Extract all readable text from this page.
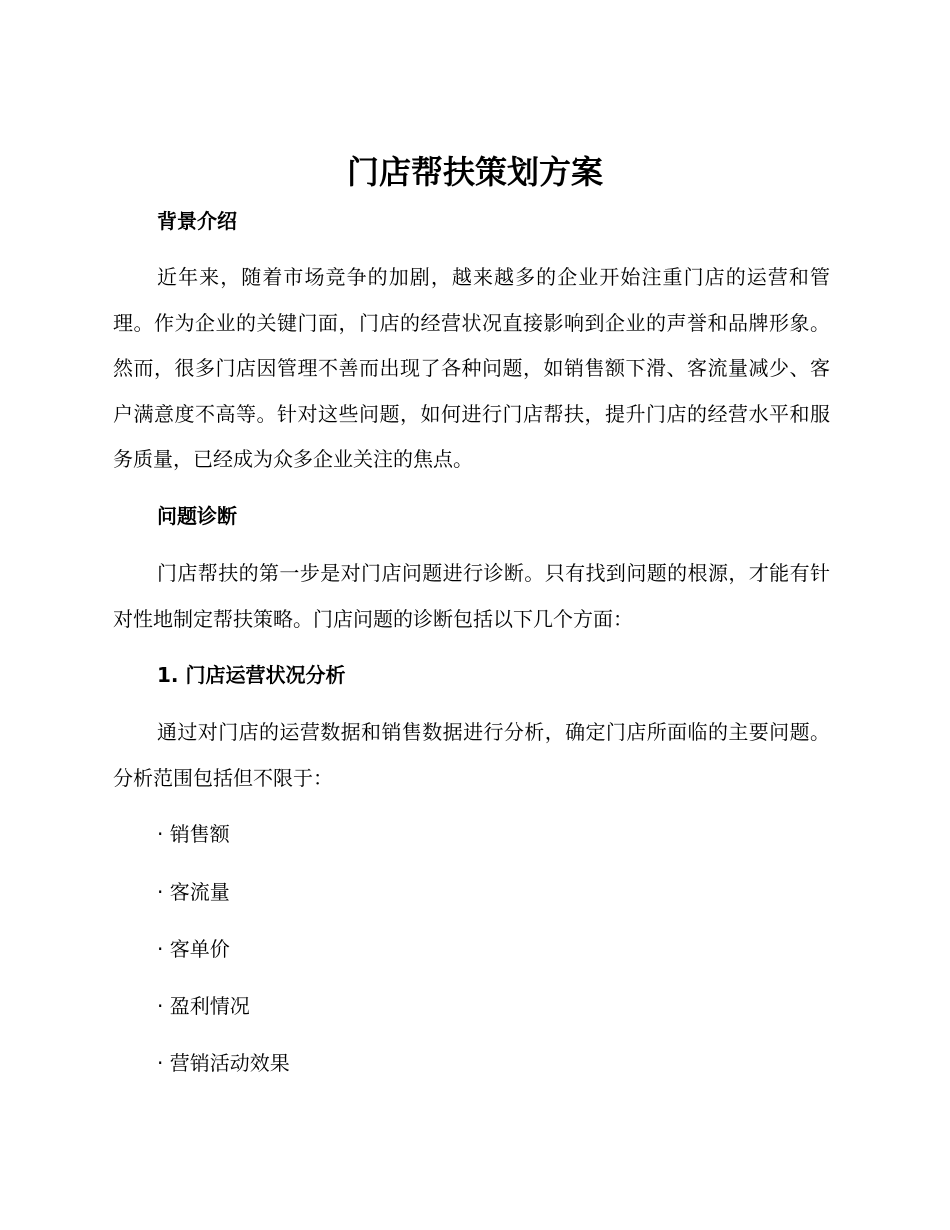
门店帮扶策划方案
背景介绍

近年来，随着市场竞争的加剧，越来越多的企业开始注重门店的运营和管理。作为企业的关键门面，门店的经营状况直接影响到企业的声誉和品牌形象。然而，很多门店因管理不善而出现了各种问题，如销售额下滑、客流量减少、客户满意度不高等。针对这些问题，如何进行门店帮扶，提升门店的经营水平和服务质量，已经成为众多企业关注的焦点。

问题诊断

门店帮扶的第一步是对门店问题进行诊断。只有找到问题的根源，才能有针对性地制定帮扶策略。门店问题的诊断包括以下几个方面：

1. 门店运营状况分析

通过对门店的运营数据和销售数据进行分析，确定门店所面临的主要问题。分析范围包括但不限于：

· 销售额

· 客流量

· 客单价

· 盈利情况

· 营销活动效果
